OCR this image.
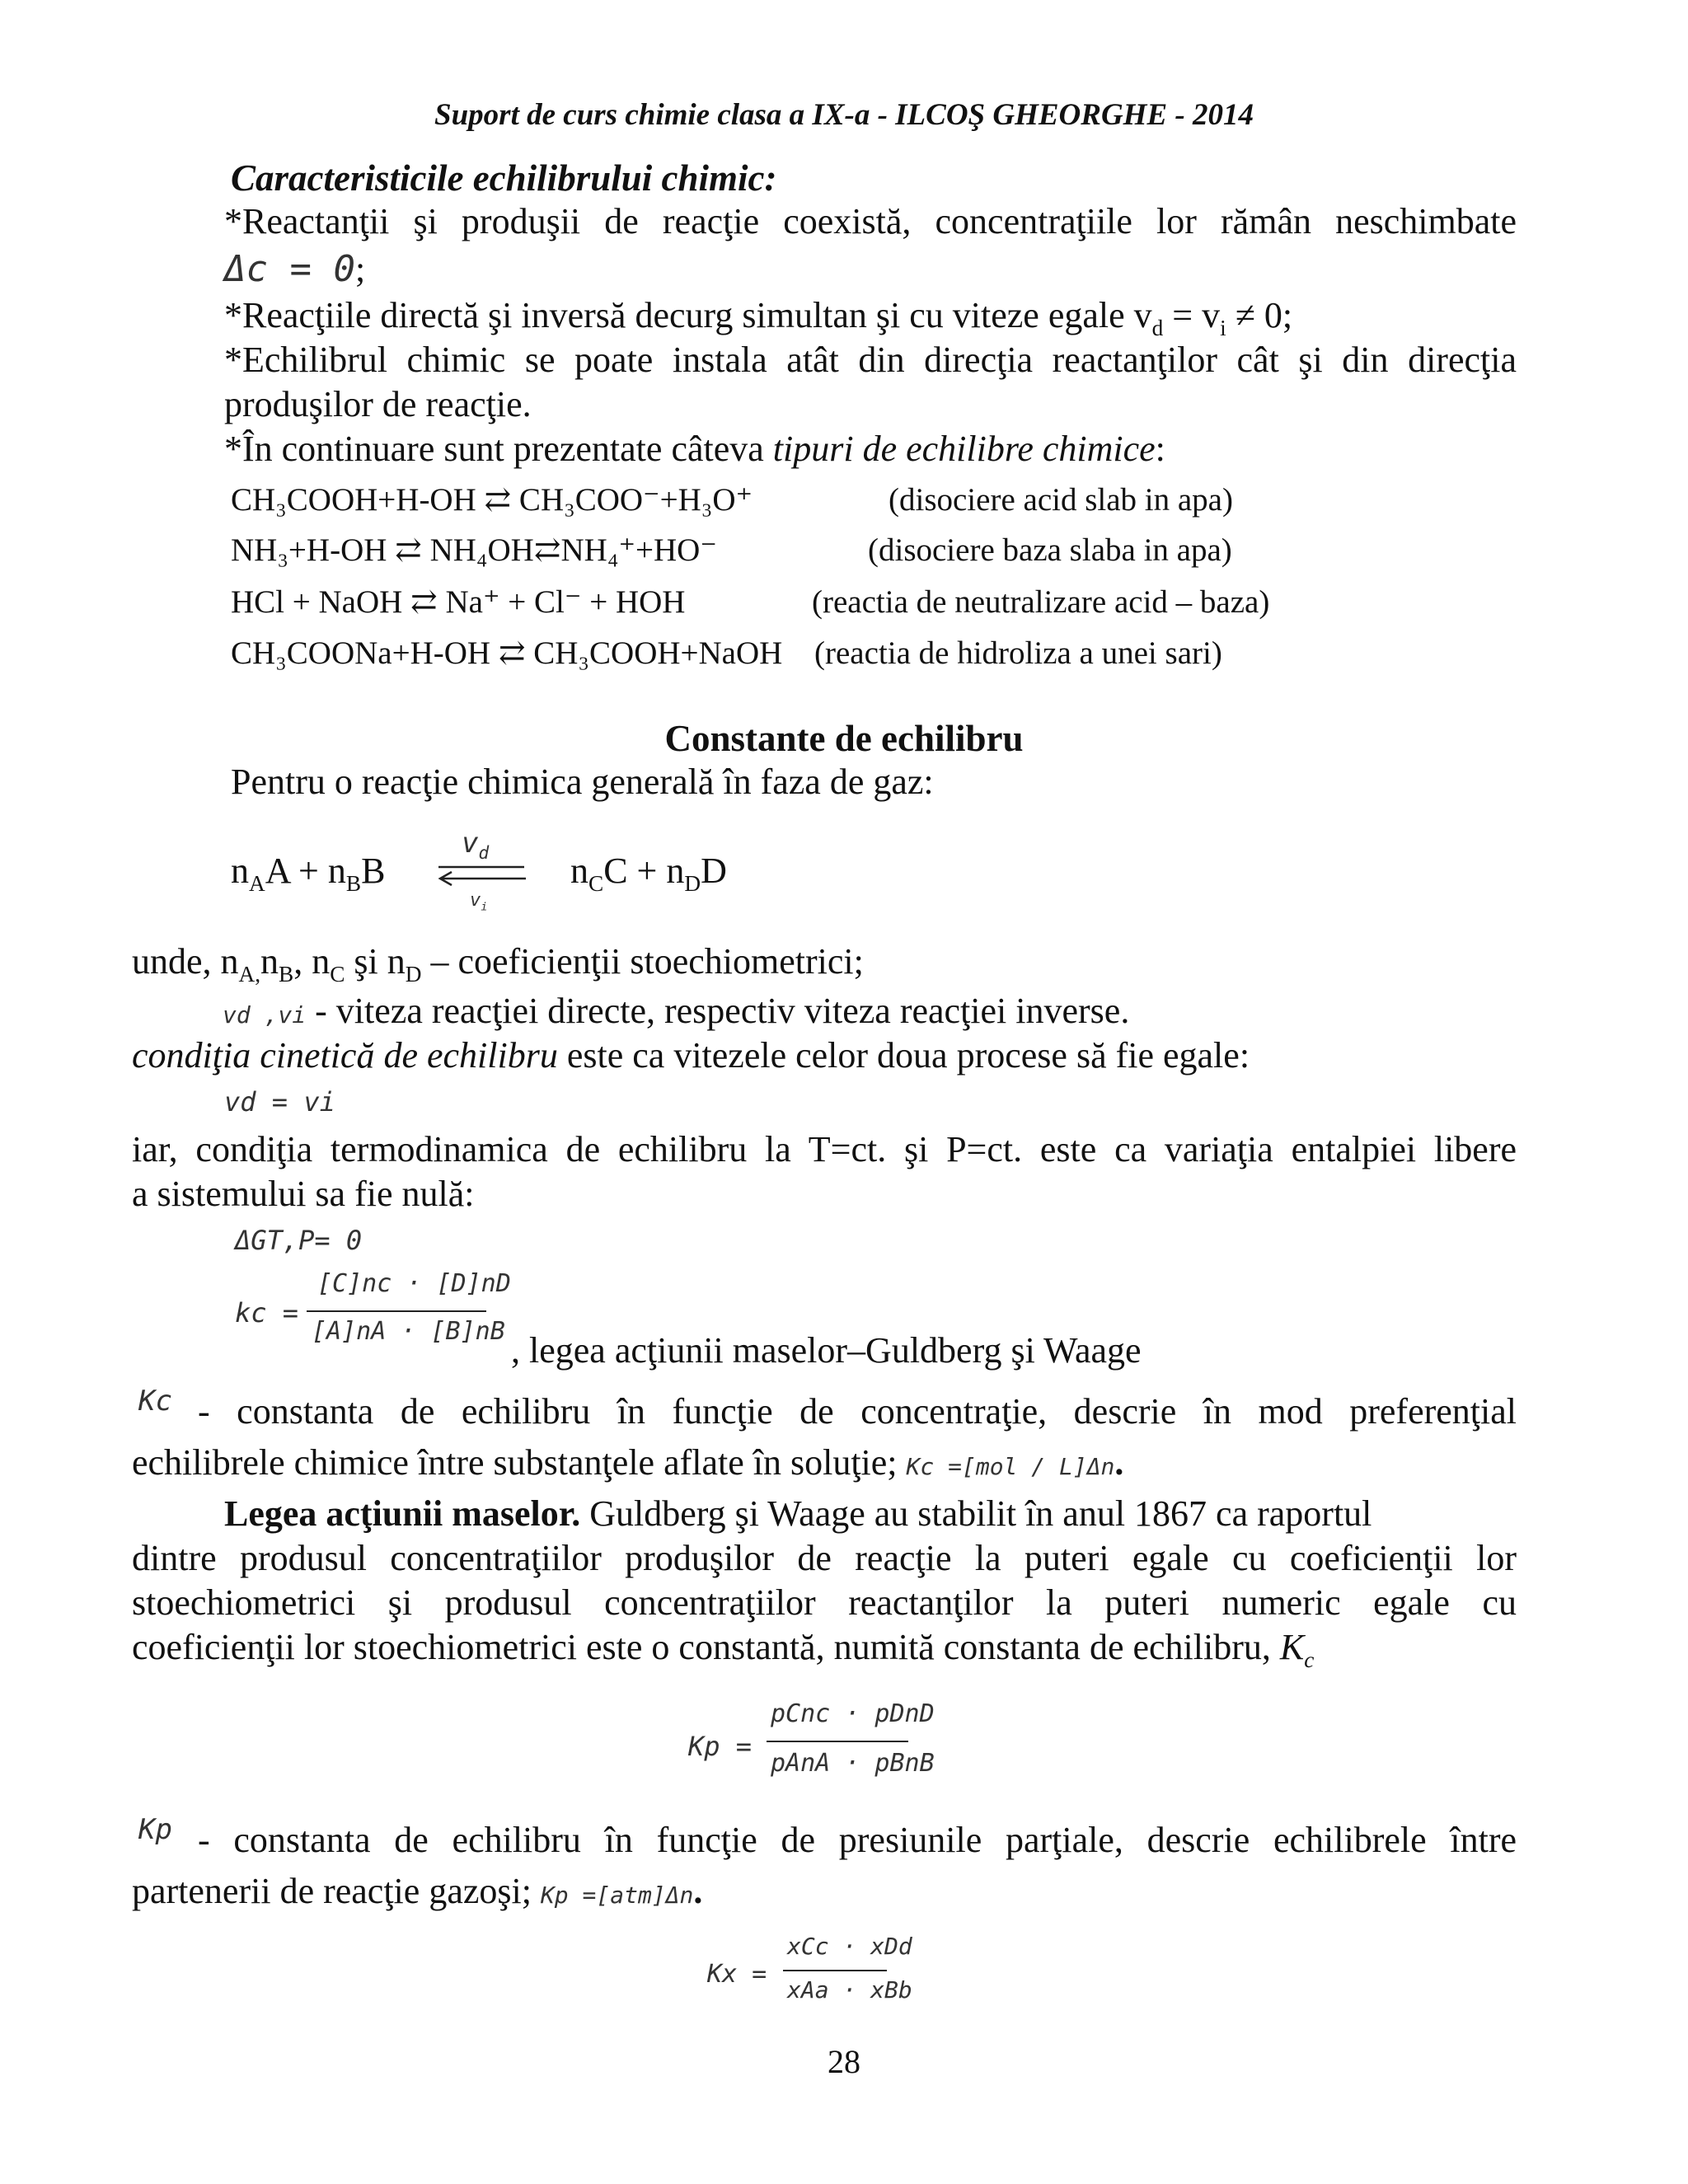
Suport de curs chimie clasa a IX-a - ILCOŞ GHEORGHE - 2014
Caracteristicile echilibrului chimic:
*Reactanţii şi produşii de reacţie coexistă, concentraţiile lor rămân neschimbate
Δc = 0;
*Reacţiile directă şi inversă decurg simultan şi cu viteze egale $v_d = v_i \ne 0$;
*Echilibrul chimic se poate instala atât din direcţia reactanţilor cât şi din direcţia
produşilor de reacţie.
*În continuare sunt prezentate câteva tipuri de echilibre chimice:
CH₃COOH+H-OH ⇄ CH₃COO⁻+H₃O⁺	(disociere acid slab in apa)
NH₃+H-OH ⇄ NH₄OH⇄NH₄⁺+HO⁻	(disociere baza slaba in apa)
HCl + NaOH ⇄ Na⁺ + Cl⁻ + HOH	(reactia de neutralizare acid – baza)
CH₃COONa+H-OH ⇄ CH₃COOH+NaOH (reactia de hidroliza a unei sari)
Constante de echilibru
Pentru o reacţie chimica generală în faza de gaz:
$n_AA + n_BB$
$v_d$
$v_i$
$n_CC + n_DD$
unde, $n_{A,}n_B$, $n_C$ şi $n_D$ – coeficienţii stoechiometrici;
vd ,vi - viteza reacţiei directe, respectiv viteza reacţiei inverse.
condiţia cinetică de echilibru este ca vitezele celor doua procese să fie egale:
vd = vi
iar, condiţia termodinamica de echilibru la T=ct. şi P=ct. este ca variaţia entalpiei libere
a sistemului sa fie nulă:
ΔGT,P= 0
kc =
[C]nc · [D]nD
[A]nA · [B]nB , legea acţiunii maselor–Guldberg şi Waage
Kc - constanta de echilibru în funcţie de concentraţie, descrie în mod preferenţial
echilibrele chimice între substanţele aflate în soluţie; Kc =[mol / L]Δn.
Legea acţiunii maselor. Guldberg şi Waage au stabilit în anul 1867 ca raportul
dintre produsul concentraţiilor produşilor de reacţie la puteri egale cu coeficienţii lor
stoechiometrici şi produsul concentraţiilor reactanţilor la puteri numeric egale cu
coeficienţii lor stoechiometrici este o constantă, numită constanta de echilibru, $K_c$
Kp =
pCnc · pDnD
pAnA · pBnB
Kp - constanta de echilibru în funcţie de presiunile parţiale, descrie echilibrele între
partenerii de reacţie gazoşi; Kp =[atm]Δn.
Kx =
xCc · xDd
xAa · xBb
28
